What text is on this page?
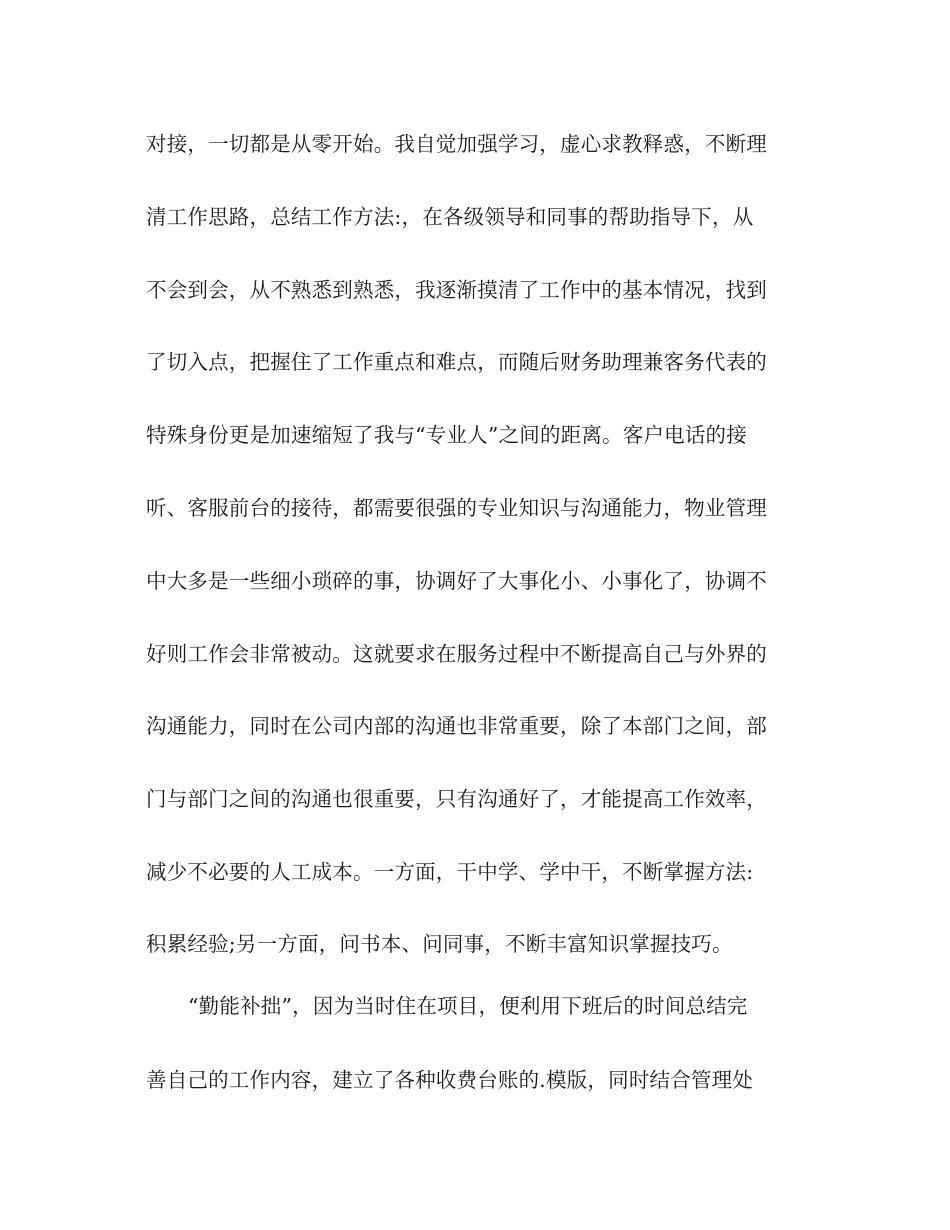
对接，一切都是从零开始。我自觉加强学习，虚心求教释惑，不断理
清工作思路，总结工作方法:，在各级领导和同事的帮助指导下，从
不会到会，从不熟悉到熟悉，我逐渐摸清了工作中的基本情况，找到
了切入点，把握住了工作重点和难点，而随后财务助理兼客务代表的
特殊身份更是加速缩短了我与“专业人”之间的距离。客户电话的接
听、客服前台的接待，都需要很强的专业知识与沟通能力，物业管理
中大多是一些细小琐碎的事，协调好了大事化小、小事化了，协调不
好则工作会非常被动。这就要求在服务过程中不断提高自己与外界的
沟通能力，同时在公司内部的沟通也非常重要，除了本部门之间，部
门与部门之间的沟通也很重要，只有沟通好了，才能提高工作效率，
减少不必要的人工成本。一方面，干中学、学中干，不断掌握方法:
积累经验;另一方面，问书本、问同事，不断丰富知识掌握技巧。
“勤能补拙”，因为当时住在项目，便利用下班后的时间总结完
善自己的工作内容，建立了各种收费台账的.模版，同时结合管理处
